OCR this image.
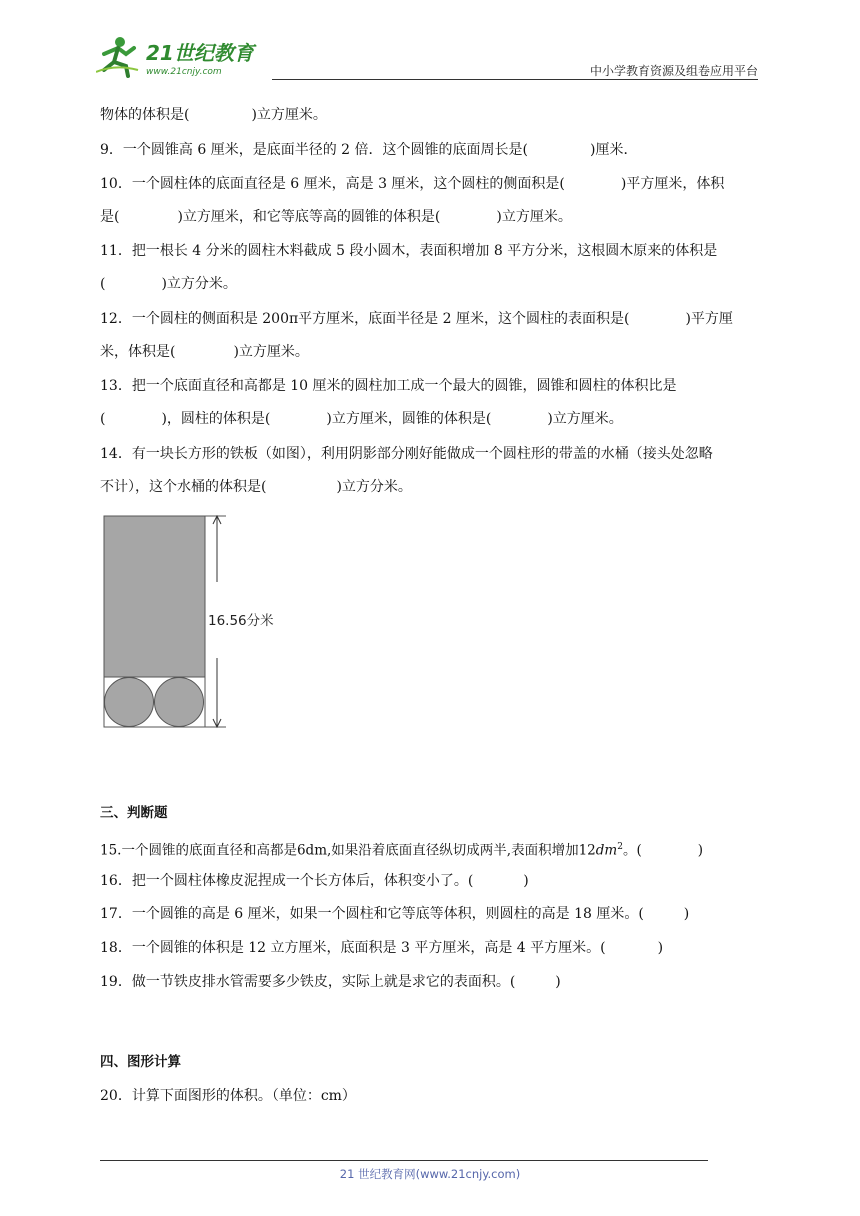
21世纪教育
www.21cnjy.com	中小学教育资源及组卷应用平台
物体的体积是(	)立方厘米。
9．一个圆锥高 6 厘米，是底面半径的 2 倍．这个圆锥的底面周长是(	)厘米．
10．一个圆柱体的底面直径是 6 厘米，高是 3 厘米，这个圆柱的侧面积是(	)平方厘米，体积
是(	)立方厘米，和它等底等高的圆锥的体积是(	)立方厘米。
11．把一根长 4 分米的圆柱木料截成 5 段小圆木，表面积增加 8 平方分米，这根圆木原来的体积是
(	)立方分米。
12．一个圆柱的侧面积是 200π平方厘米，底面半径是 2 厘米，这个圆柱的表面积是(	)平方厘
米，体积是(	)立方厘米。
13．把一个底面直径和高都是 10 厘米的圆柱加工成一个最大的圆锥，圆锥和圆柱的体积比是
(	)，圆柱的体积是(	)立方厘米，圆锥的体积是(	)立方厘米。
14．有一块长方形的铁板（如图），利用阴影部分刚好能做成一个圆柱形的带盖的水桶（接头处忽略
不计），这个水桶的体积是(	)立方分米。
三、判断题
15.一个圆锥的底面直径和高都是6dm,如果沿着底面直径纵切成两半,表面积增加$12dm^2$。(	)
16．把一个圆柱体橡皮泥捏成一个长方体后，体积变小了。(	)
17．一个圆锥的高是 6 厘米，如果一个圆柱和它等底等体积，则圆柱的高是 18 厘米。(	)
18．一个圆锥的体积是 12 立方厘米，底面积是 3 平方厘米，高是 4 平方厘米。(	)
19．做一节铁皮排水管需要多少铁皮，实际上就是求它的表面积。(	)
四、图形计算
20．计算下面图形的体积。（单位：cm）
16.56分米
21 世纪教育网(www.21cnjy.com)
